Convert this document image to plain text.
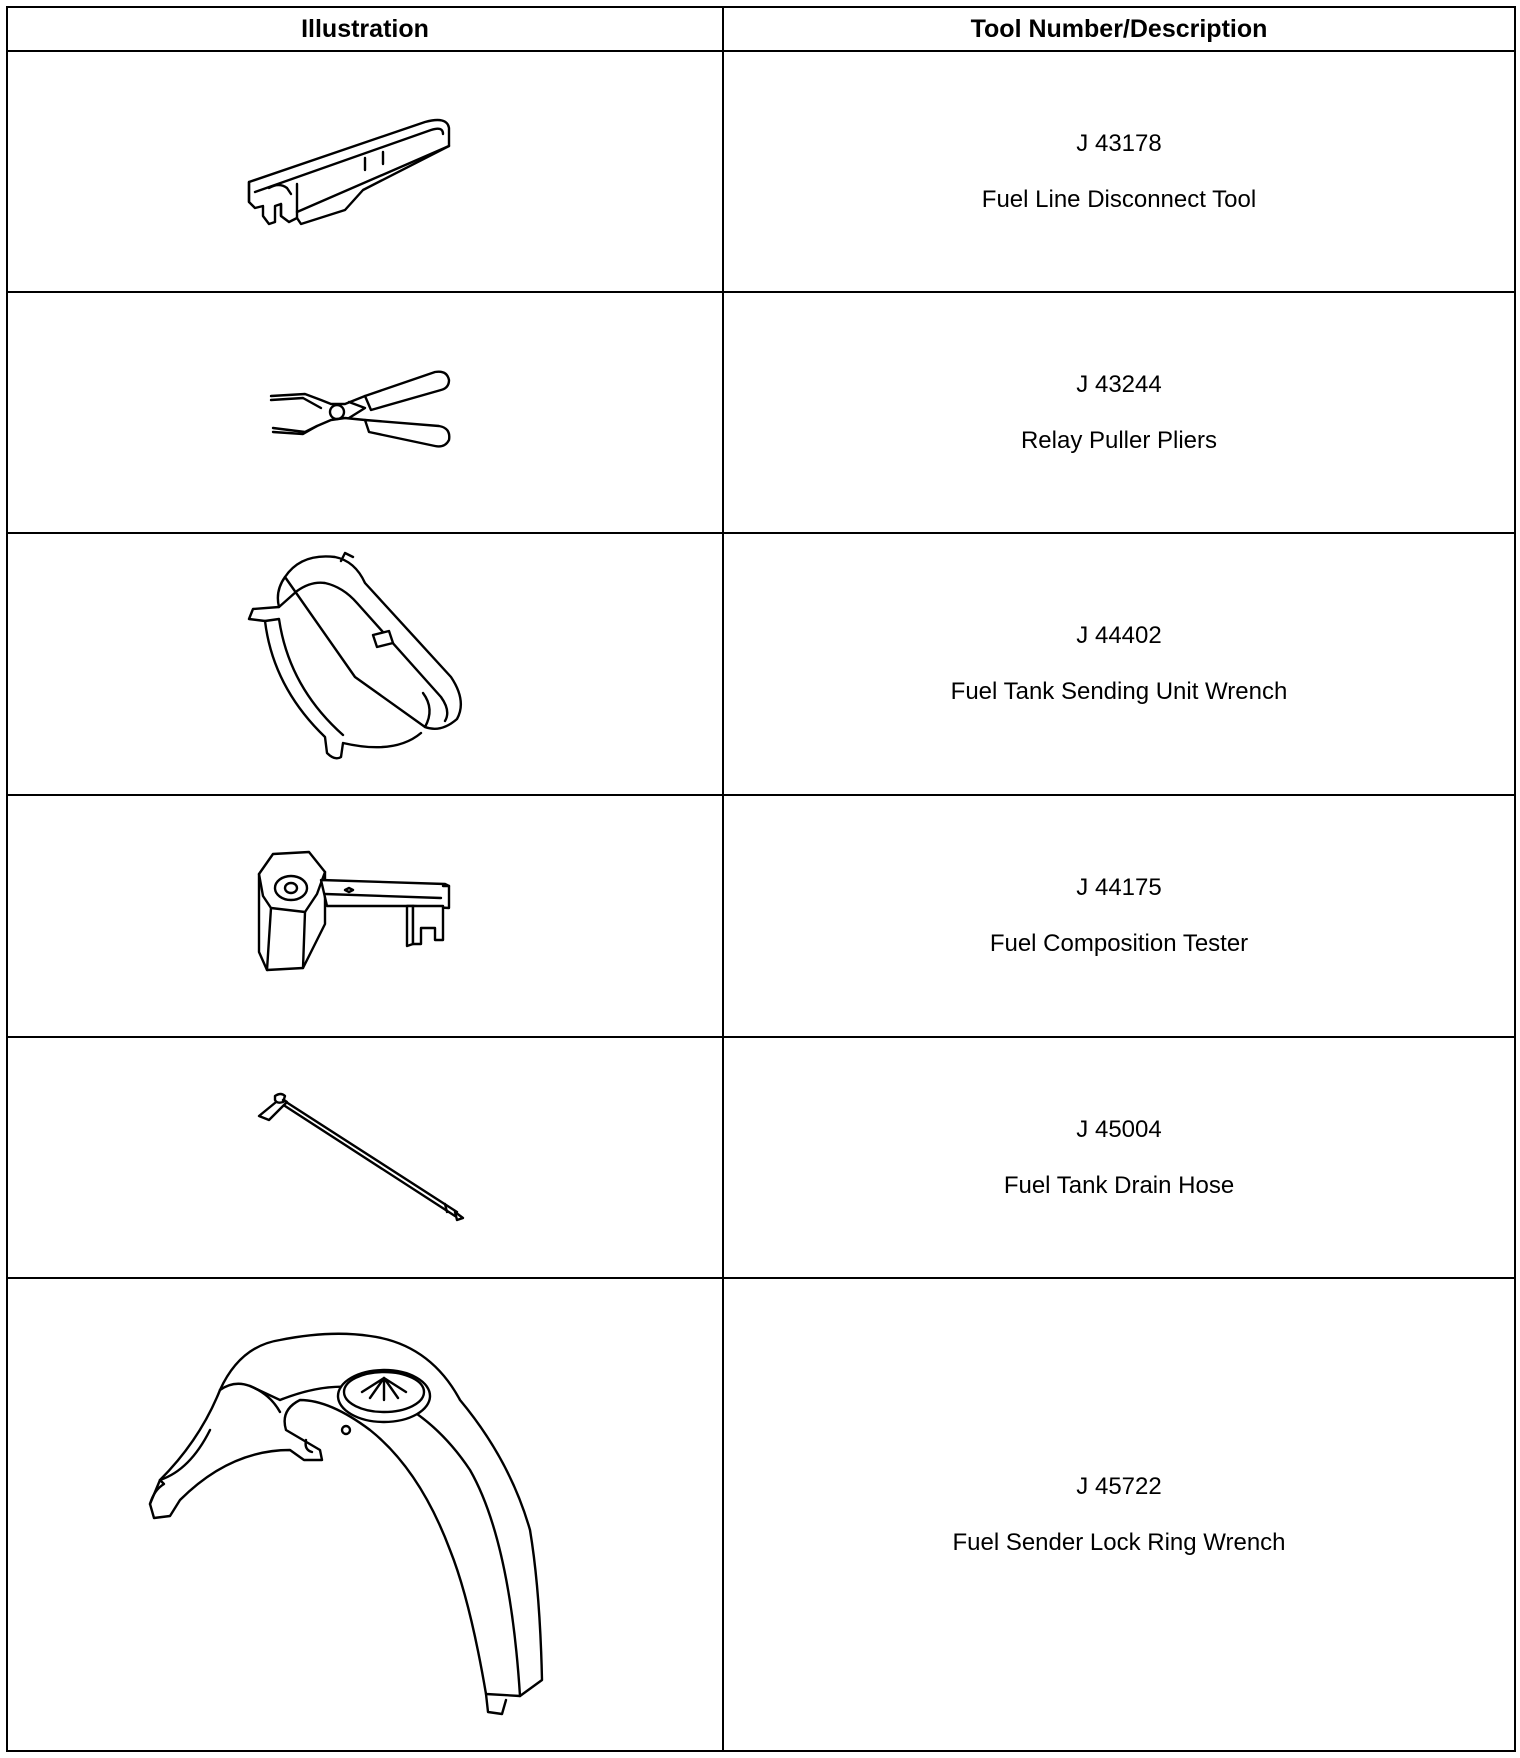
Illustration	Tool Number/Description

J 43178
Fuel Line Disconnect Tool

J 43244
Relay Puller Pliers

J 44402
Fuel Tank Sending Unit Wrench

J 44175
Fuel Composition Tester

J 45004
Fuel Tank Drain Hose

J 45722
Fuel Sender Lock Ring Wrench
